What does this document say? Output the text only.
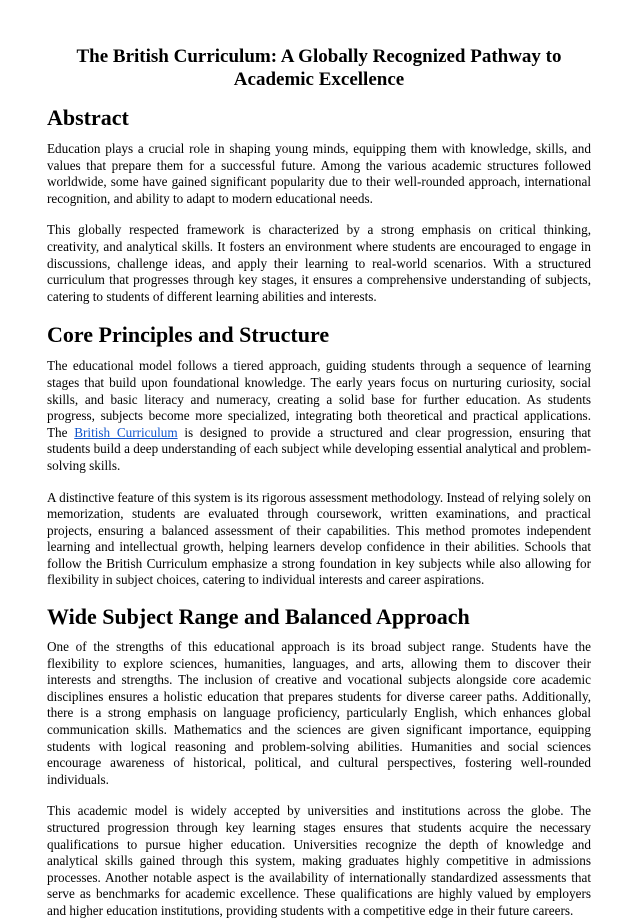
The British Curriculum: A Globally Recognized Pathway to Academic Excellence
Abstract

Education plays a crucial role in shaping young minds, equipping them with knowledge, skills, and values that prepare them for a successful future. Among the various academic structures followed worldwide, some have gained significant popularity due to their well-rounded approach, international recognition, and ability to adapt to modern educational needs.

This globally respected framework is characterized by a strong emphasis on critical thinking, creativity, and analytical skills. It fosters an environment where students are encouraged to engage in discussions, challenge ideas, and apply their learning to real-world scenarios. With a structured curriculum that progresses through key stages, it ensures a comprehensive understanding of subjects, catering to students of different learning abilities and interests.

Core Principles and Structure

The educational model follows a tiered approach, guiding students through a sequence of learning stages that build upon foundational knowledge. The early years focus on nurturing curiosity, social skills, and basic literacy and numeracy, creating a solid base for further education. As students progress, subjects become more specialized, integrating both theoretical and practical applications. The British Curriculum is designed to provide a structured and clear progression, ensuring that students build a deep understanding of each subject while developing essential analytical and problem-solving skills.

A distinctive feature of this system is its rigorous assessment methodology. Instead of relying solely on memorization, students are evaluated through coursework, written examinations, and practical projects, ensuring a balanced assessment of their capabilities. This method promotes independent learning and intellectual growth, helping learners develop confidence in their abilities. Schools that follow the British Curriculum emphasize a strong foundation in key subjects while also allowing for flexibility in subject choices, catering to individual interests and career aspirations.

Wide Subject Range and Balanced Approach

One of the strengths of this educational approach is its broad subject range. Students have the flexibility to explore sciences, humanities, languages, and arts, allowing them to discover their interests and strengths. The inclusion of creative and vocational subjects alongside core academic disciplines ensures a holistic education that prepares students for diverse career paths. Additionally, there is a strong emphasis on language proficiency, particularly English, which enhances global communication skills. Mathematics and the sciences are given significant importance, equipping students with logical reasoning and problem-solving abilities. Humanities and social sciences encourage awareness of historical, political, and cultural perspectives, fostering well-rounded individuals.

This academic model is widely accepted by universities and institutions across the globe. The structured progression through key learning stages ensures that students acquire the necessary qualifications to pursue higher education. Universities recognize the depth of knowledge and analytical skills gained through this system, making graduates highly competitive in admissions processes. Another notable aspect is the availability of internationally standardized assessments that serve as benchmarks for academic excellence. These qualifications are highly valued by employers and higher education institutions, providing students with a competitive edge in their future careers.
